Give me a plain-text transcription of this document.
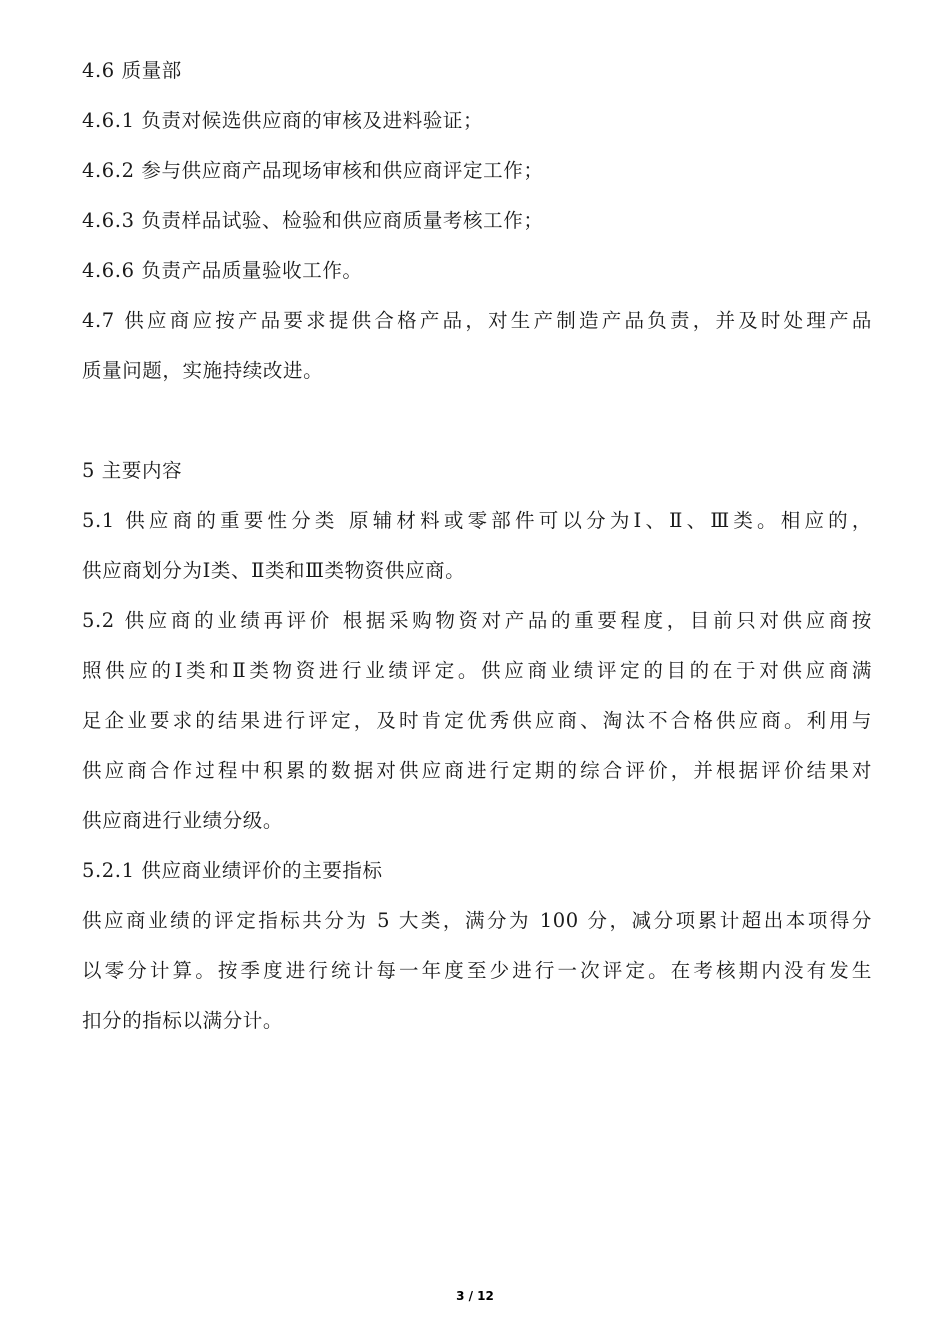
4.6 质量部
4.6.1 负责对候选供应商的审核及进料验证；
4.6.2 参与供应商产品现场审核和供应商评定工作；
4.6.3 负责样品试验、检验和供应商质量考核工作；
4.6.6 负责产品质量验收工作。
4.7 供应商应按产品要求提供合格产品，对生产制造产品负责，并及时处理产品
质量问题，实施持续改进。
5 主要内容
5.1 供应商的重要性分类 原辅材料或零部件可以分为Ⅰ、Ⅱ、Ⅲ类。相应的，
供应商划分为Ⅰ类、Ⅱ类和Ⅲ类物资供应商。
5.2 供应商的业绩再评价 根据采购物资对产品的重要程度，目前只对供应商按
照供应的Ⅰ类和Ⅱ类物资进行业绩评定。供应商业绩评定的目的在于对供应商满
足企业要求的结果进行评定，及时肯定优秀供应商、淘汰不合格供应商。利用与
供应商合作过程中积累的数据对供应商进行定期的综合评价，并根据评价结果对
供应商进行业绩分级。
5.2.1 供应商业绩评价的主要指标
供应商业绩的评定指标共分为 5 大类，满分为 100 分，减分项累计超出本项得分
以零分计算。按季度进行统计每一年度至少进行一次评定。在考核期内没有发生
扣分的指标以满分计。
3 / 12
